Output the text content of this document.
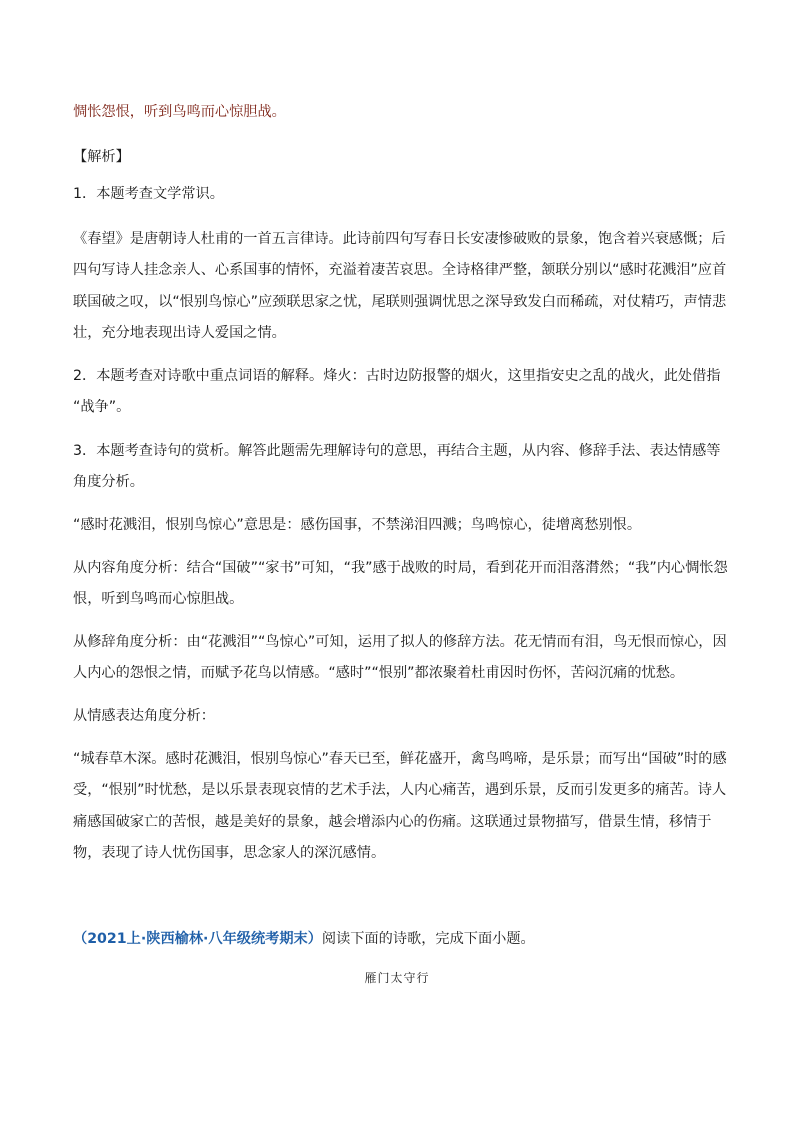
惆怅怨恨，听到鸟鸣而心惊胆战。
【解析】
1．本题考查文学常识。
《春望》是唐朝诗人杜甫的一首五言律诗。此诗前四句写春日长安凄惨破败的景象，饱含着兴衰感慨；后
四句写诗人挂念亲人、心系国事的情怀，充溢着凄苦哀思。全诗格律严整，颔联分别以“感时花溅泪”应首
联国破之叹，以“恨别鸟惊心”应颈联思家之忧，尾联则强调忧思之深导致发白而稀疏，对仗精巧，声情悲
壮，充分地表现出诗人爱国之情。
2．本题考查对诗歌中重点词语的解释。烽火：古时边防报警的烟火，这里指安史之乱的战火，此处借指
“战争”。
3．本题考查诗句的赏析。解答此题需先理解诗句的意思，再结合主题，从内容、修辞手法、表达情感等
角度分析。
“感时花溅泪，恨别鸟惊心”意思是：感伤国事，不禁涕泪四溅；鸟鸣惊心，徒增离愁别恨。
从内容角度分析：结合“国破”“家书”可知，“我”感于战败的时局，看到花开而泪落潸然；“我”内心惆怅怨
恨，听到鸟鸣而心惊胆战。
从修辞角度分析：由“花溅泪”“鸟惊心”可知，运用了拟人的修辞方法。花无情而有泪，鸟无恨而惊心，因
人内心的怨恨之情，而赋予花鸟以情感。“感时”“恨别”都浓聚着杜甫因时伤怀，苦闷沉痛的忧愁。
从情感表达角度分析：
“城春草木深。感时花溅泪，恨别鸟惊心”春天已至，鲜花盛开，禽鸟鸣啼，是乐景；而写出“国破”时的感
受，“恨别”时忧愁，是以乐景表现哀情的艺术手法，人内心痛苦，遇到乐景，反而引发更多的痛苦。诗人
痛感国破家亡的苦恨，越是美好的景象，越会增添内心的伤痛。这联通过景物描写，借景生情，移情于
物，表现了诗人忧伤国事，思念家人的深沉感情。
（2021上·陕西榆林·八年级统考期末）阅读下面的诗歌，完成下面小题。
雁门太守行
